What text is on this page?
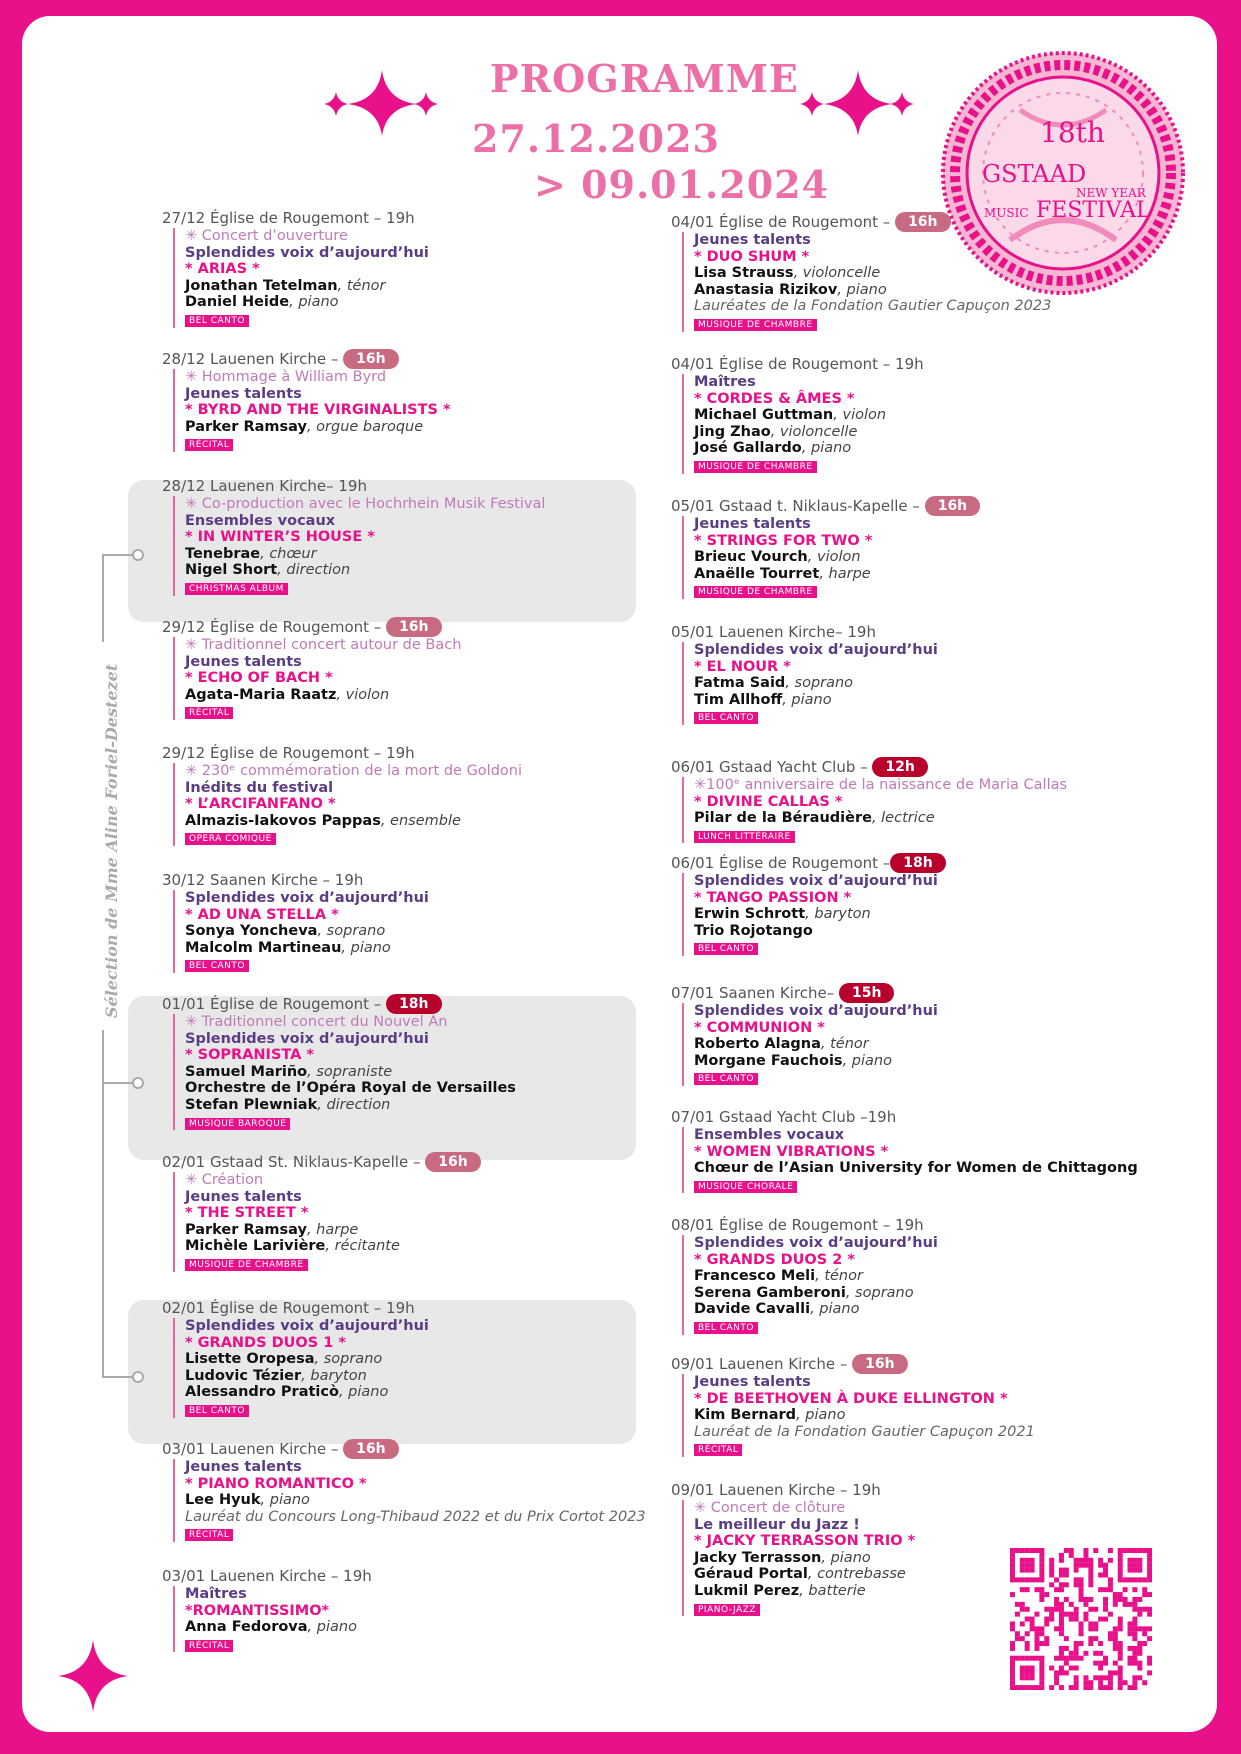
PROGRAMME
27.12.2023
> 09.01.2024
18th
GSTAAD
NEW YEAR
MUSIC FESTIVAL
Sélection de Mme Aline Foriel-Destezet
27/12 Église de Rougemont – 19h
✳ Concert d’ouverture
Splendides voix d’aujourd’hui
* ARIAS *
Jonathan Tetelman, ténor
Daniel Heide, piano
BEL CANTO
28/12 Lauenen Kirche – 16h
✳ Hommage à William Byrd
Jeunes talents
* BYRD AND THE VIRGINALISTS *
Parker Ramsay, orgue baroque
RÉCITAL
28/12 Lauenen Kirche– 19h
✳ Co-production avec le Hochrhein Musik Festival
Ensembles vocaux
* IN WINTER’S HOUSE *
Tenebrae, chœur
Nigel Short, direction
CHRISTMAS ALBUM
29/12 Église de Rougemont – 16h
✳ Traditionnel concert autour de Bach
Jeunes talents
* ECHO OF BACH *
Agata-Maria Raatz, violon
RÉCITAL
29/12 Église de Rougemont – 19h
✳ 230ᵉ commémoration de la mort de Goldoni
Inédits du festival
* L’ARCIFANFANO *
Almazis-Iakovos Pappas, ensemble
OPERA COMIQUE
30/12 Saanen Kirche – 19h
Splendides voix d’aujourd’hui
* AD UNA STELLA *
Sonya Yoncheva, soprano
Malcolm Martineau, piano
BEL CANTO
01/01 Église de Rougemont – 18h
✳ Traditionnel concert du Nouvel An
Splendides voix d’aujourd’hui
* SOPRANISTA *
Samuel Mariño, sopraniste
Orchestre de l’Opéra Royal de Versailles
Stefan Plewniak, direction
MUSIQUE BAROQUE
02/01 Gstaad St. Niklaus-Kapelle – 16h
✳ Création
Jeunes talents
* THE STREET *
Parker Ramsay, harpe
Michèle Larivière, récitante
MUSIQUE DE CHAMBRE
02/01 Église de Rougemont – 19h
Splendides voix d’aujourd’hui
* GRANDS DUOS 1 *
Lisette Oropesa, soprano
Ludovic Tézier, baryton
Alessandro Praticò, piano
BEL CANTO
03/01 Lauenen Kirche – 16h
Jeunes talents
* PIANO ROMANTICO *
Lee Hyuk, piano
Lauréat du Concours Long-Thibaud 2022 et du Prix Cortot 2023
RÉCITAL
03/01 Lauenen Kirche – 19h
Maîtres
*ROMANTISSIMO*
Anna Fedorova, piano
RÉCITAL
04/01 Église de Rougemont – 16h
Jeunes talents
* DUO SHUM *
Lisa Strauss, violoncelle
Anastasia Rizikov, piano
Lauréates de la Fondation Gautier Capuçon 2023
MUSIQUE DE CHAMBRE
04/01 Église de Rougemont – 19h
Maîtres
* CORDES & ÂMES *
Michael Guttman, violon
Jing Zhao, violoncelle
José Gallardo, piano
MUSIQUE DE CHAMBRE
05/01 Gstaad t. Niklaus-Kapelle – 16h
Jeunes talents
* STRINGS FOR TWO *
Brieuc Vourch, violon
Anaëlle Tourret, harpe
MUSIQUE DE CHAMBRE
05/01 Lauenen Kirche– 19h
Splendides voix d’aujourd’hui
* EL NOUR *
Fatma Said, soprano
Tim Allhoff, piano
BEL CANTO
06/01 Gstaad Yacht Club – 12h
✳100ᵉ anniversaire de la naissance de Maria Callas
* DIVINE CALLAS *
Pilar de la Béraudière, lectrice
LUNCH LITTÉRAIRE
06/01 Église de Rougemont – 18h
Splendides voix d’aujourd’hui
* TANGO PASSION *
Erwin Schrott, baryton
Trio Rojotango
BEL CANTO
07/01 Saanen Kirche– 15h
Splendides voix d’aujourd’hui
* COMMUNION *
Roberto Alagna, ténor
Morgane Fauchois, piano
BEL CANTO
07/01 Gstaad Yacht Club –19h
Ensembles vocaux
* WOMEN VIBRATIONS *
Chœur de l’Asian University for Women de Chittagong
MUSIQUE CHORALE
08/01 Église de Rougemont – 19h
Splendides voix d’aujourd’hui
* GRANDS DUOS 2 *
Francesco Meli, ténor
Serena Gamberoni, soprano
Davide Cavalli, piano
BEL CANTO
09/01 Lauenen Kirche – 16h
Jeunes talents
* DE BEETHOVEN À DUKE ELLINGTON *
Kim Bernard, piano
Lauréat de la Fondation Gautier Capuçon 2021
RÉCITAL
09/01 Lauenen Kirche – 19h
✳ Concert de clôture
Le meilleur du Jazz !
* JACKY TERRASSON TRIO *
Jacky Terrasson, piano
Géraud Portal, contrebasse
Lukmil Perez, batterie
PIANO-JAZZ
